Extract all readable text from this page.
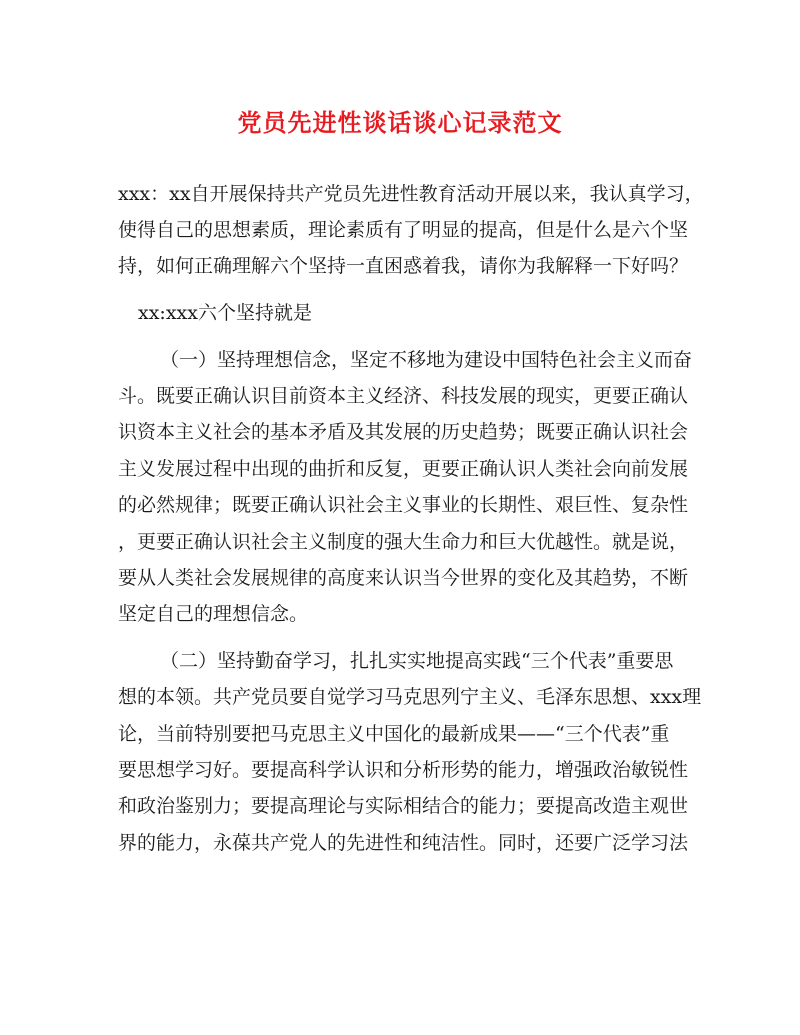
党员先进性谈话谈心记录范文
xxx：xx自开展保持共产党员先进性教育活动开展以来，我认真学习，
使得自己的思想素质，理论素质有了明显的提高，但是什么是六个坚
持，如何正确理解六个坚持一直困惑着我，请你为我解释一下好吗？
xx:xxx六个坚持就是
（一）坚持理想信念，坚定不移地为建设中国特色社会主义而奋
斗。既要正确认识目前资本主义经济、科技发展的现实，更要正确认
识资本主义社会的基本矛盾及其发展的历史趋势；既要正确认识社会
主义发展过程中出现的曲折和反复，更要正确认识人类社会向前发展
的必然规律；既要正确认识社会主义事业的长期性、艰巨性、复杂性
，更要正确认识社会主义制度的强大生命力和巨大优越性。就是说，
要从人类社会发展规律的高度来认识当今世界的变化及其趋势，不断
坚定自己的理想信念。
（二）坚持勤奋学习，扎扎实实地提高实践“三个代表”重要思
想的本领。共产党员要自觉学习马克思列宁主义、毛泽东思想、xxx理
论，当前特别要把马克思主义中国化的最新成果——“三个代表”重
要思想学习好。要提高科学认识和分析形势的能力，增强政治敏锐性
和政治鉴别力；要提高理论与实际相结合的能力；要提高改造主观世
界的能力，永葆共产党人的先进性和纯洁性。同时，还要广泛学习法
